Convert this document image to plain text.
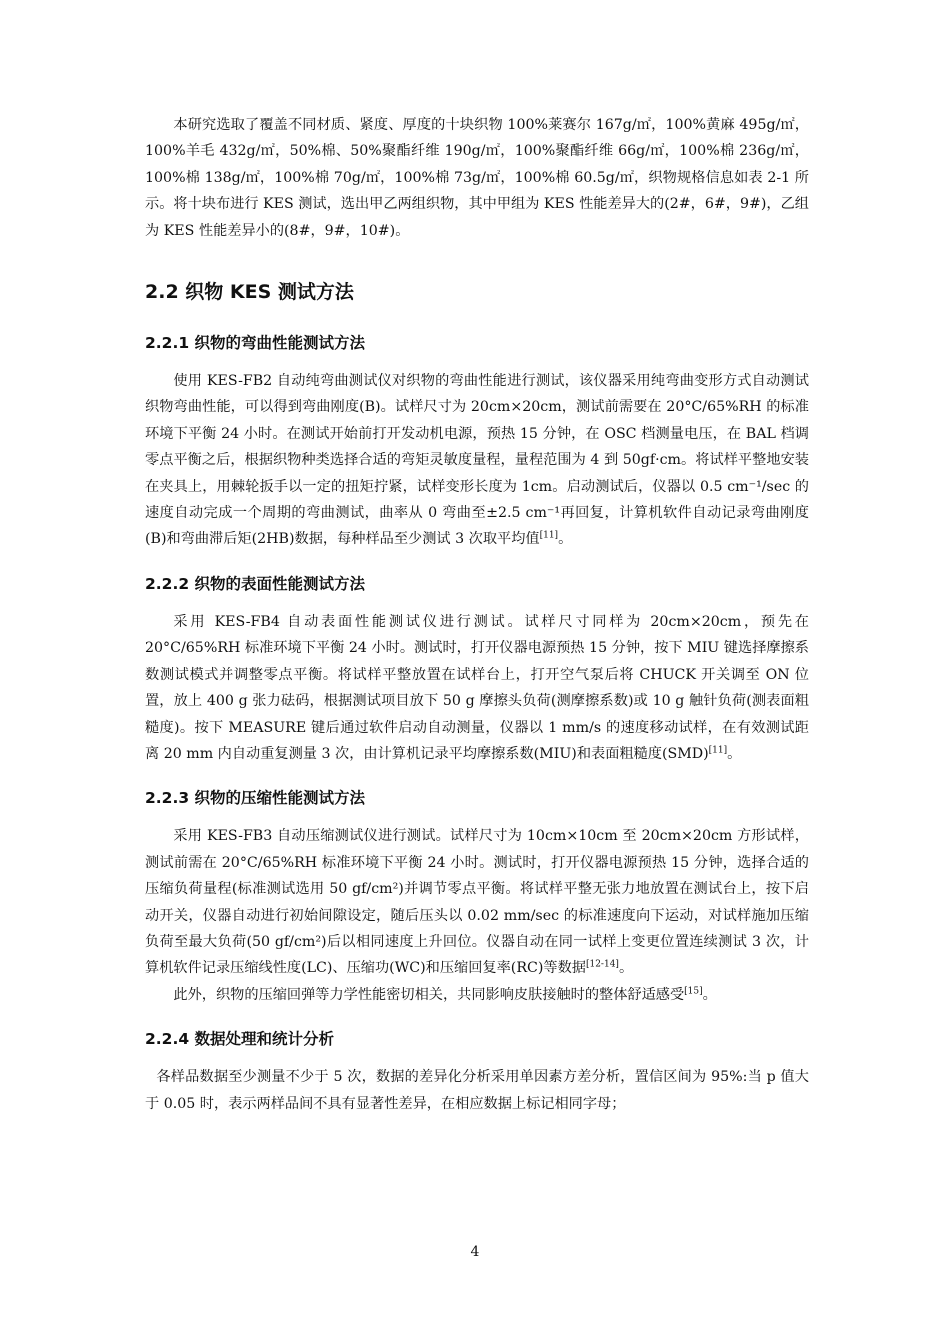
本研究选取了覆盖不同材质、紧度、厚度的十块织物 100%莱赛尔 167g/㎡，100%黄麻 495g/㎡，100%羊毛 432g/㎡，50%棉、50%聚酯纤维 190g/㎡，100%聚酯纤维 66g/㎡，100%棉 236g/㎡，100%棉 138g/㎡，100%棉 70g/㎡，100%棉 73g/㎡，100%棉 60.5g/㎡，织物规格信息如表 2-1 所示。将十块布进行 KES 测试，选出甲乙两组织物，其中甲组为 KES 性能差异大的(2#，6#，9#)，乙组为 KES 性能差异小的(8#，9#，10#)。

2.2 织物 KES 测试方法
2.2.1 织物的弯曲性能测试方法

使用 KES-FB2 自动纯弯曲测试仪对织物的弯曲性能进行测试，该仪器采用纯弯曲变形方式自动测试织物弯曲性能，可以得到弯曲刚度(B)。试样尺寸为 20cm×20cm，测试前需要在 20°C/65%RH 的标准环境下平衡 24 小时。在测试开始前打开发动机电源，预热 15 分钟，在 OSC 档测量电压，在 BAL 档调零点平衡之后，根据织物种类选择合适的弯矩灵敏度量程，量程范围为 4 到 50gf·cm。将试样平整地安装在夹具上，用棘轮扳手以一定的扭矩拧紧，试样变形长度为 1cm。启动测试后，仪器以 0.5 cm⁻¹/sec 的速度自动完成一个周期的弯曲测试，曲率从 0 弯曲至±2.5 cm⁻¹再回复，计算机软件自动记录弯曲刚度(B)和弯曲滞后矩(2HB)数据，每种样品至少测试 3 次取平均值[11]。

2.2.2 织物的表面性能测试方法

采用 KES-FB4 自动表面性能测试仪进行测试。试样尺寸同样为 20cm×20cm，预先在 20°C/65%RH 标准环境下平衡 24 小时。测试时，打开仪器电源预热 15 分钟，按下 MIU 键选择摩擦系数测试模式并调整零点平衡。将试样平整放置在试样台上，打开空气泵后将 CHUCK 开关调至 ON 位置，放上 400 g 张力砝码，根据测试项目放下 50 g 摩擦头负荷(测摩擦系数)或 10 g 触针负荷(测表面粗糙度)。按下 MEASURE 键后通过软件启动自动测量，仪器以 1 mm/s 的速度移动试样，在有效测试距离 20 mm 内自动重复测量 3 次，由计算机记录平均摩擦系数(MIU)和表面粗糙度(SMD)[11]。

2.2.3 织物的压缩性能测试方法

采用 KES-FB3 自动压缩测试仪进行测试。试样尺寸为 10cm×10cm 至 20cm×20cm 方形试样，测试前需在 20°C/65%RH 标准环境下平衡 24 小时。测试时，打开仪器电源预热 15 分钟，选择合适的压缩负荷量程(标准测试选用 50 gf/cm²)并调节零点平衡。将试样平整无张力地放置在测试台上，按下启动开关，仪器自动进行初始间隙设定，随后压头以 0.02 mm/sec 的标准速度向下运动，对试样施加压缩负荷至最大负荷(50 gf/cm²)后以相同速度上升回位。仪器自动在同一试样上变更位置连续测试 3 次，计算机软件记录压缩线性度(LC)、压缩功(WC)和压缩回复率(RC)等数据[12-14]。

此外，织物的压缩回弹等力学性能密切相关，共同影响皮肤接触时的整体舒适感受[15]。

2.2.4 数据处理和统计分析

各样品数据至少测量不少于 5 次，数据的差异化分析采用单因素方差分析，置信区间为 95%:当 p 值大于 0.05 时，表示两样品间不具有显著性差异，在相应数据上标记相同字母；

4
